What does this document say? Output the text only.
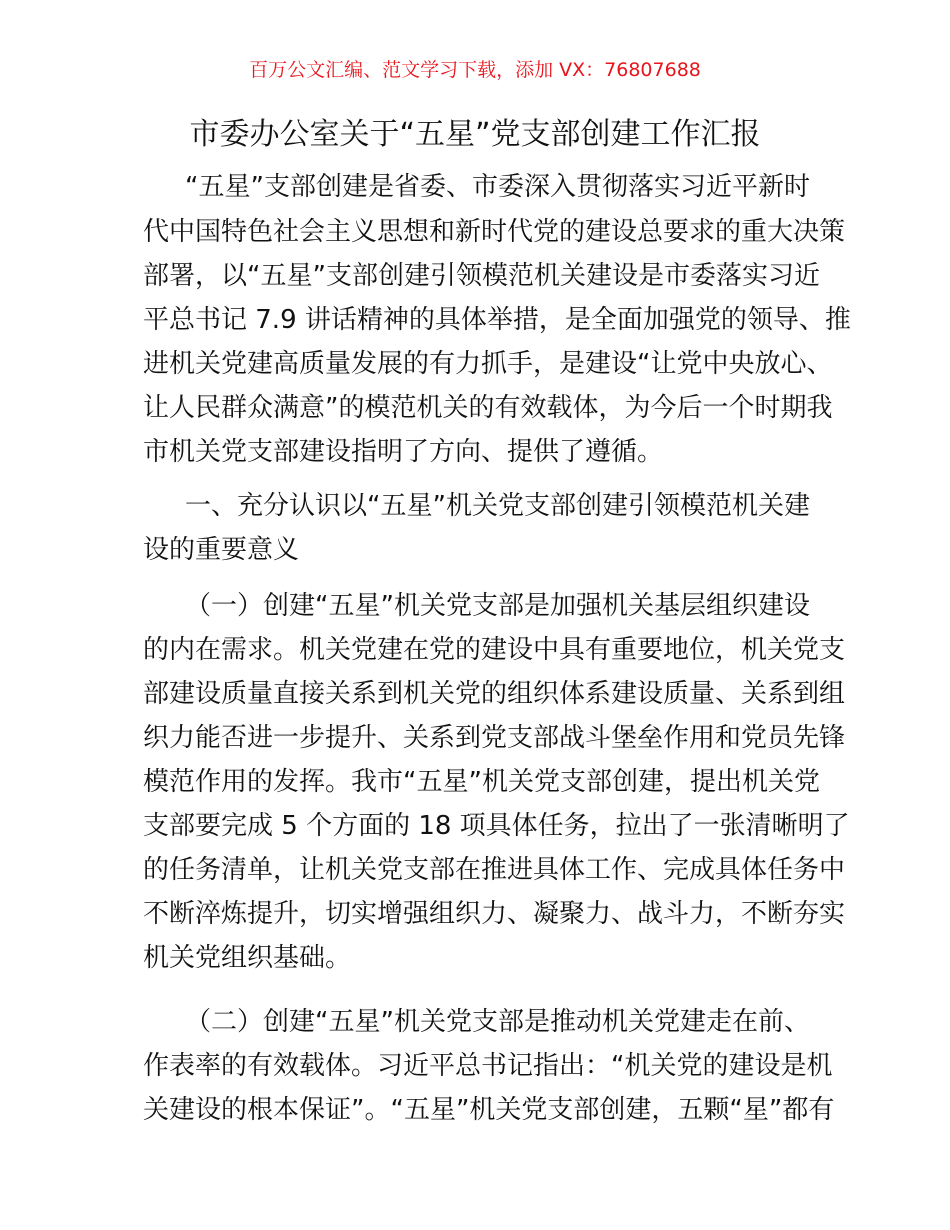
百万公文汇编、范文学习下载，添加 VX：76807688
市委办公室关于“五星”党支部创建工作汇报
“五星”支部创建是省委、市委深入贯彻落实习近平新时
代中国特色社会主义思想和新时代党的建设总要求的重大决策
部署，以“五星”支部创建引领模范机关建设是市委落实习近
平总书记 7.9 讲话精神的具体举措，是全面加强党的领导、推
进机关党建高质量发展的有力抓手，是建设“让党中央放心、
让人民群众满意”的模范机关的有效载体，为今后一个时期我
市机关党支部建设指明了方向、提供了遵循。
一、充分认识以“五星”机关党支部创建引领模范机关建
设的重要意义
（一）创建“五星”机关党支部是加强机关基层组织建设
的内在需求。机关党建在党的建设中具有重要地位，机关党支
部建设质量直接关系到机关党的组织体系建设质量、关系到组
织力能否进一步提升、关系到党支部战斗堡垒作用和党员先锋
模范作用的发挥。我市“五星”机关党支部创建，提出机关党
支部要完成 5 个方面的 18 项具体任务，拉出了一张清晰明了
的任务清单，让机关党支部在推进具体工作、完成具体任务中
不断淬炼提升，切实增强组织力、凝聚力、战斗力，不断夯实
机关党组织基础。
（二）创建“五星”机关党支部是推动机关党建走在前、
作表率的有效载体。习近平总书记指出：“机关党的建设是机
关建设的根本保证”。“五星”机关党支部创建，五颗“星”都有
